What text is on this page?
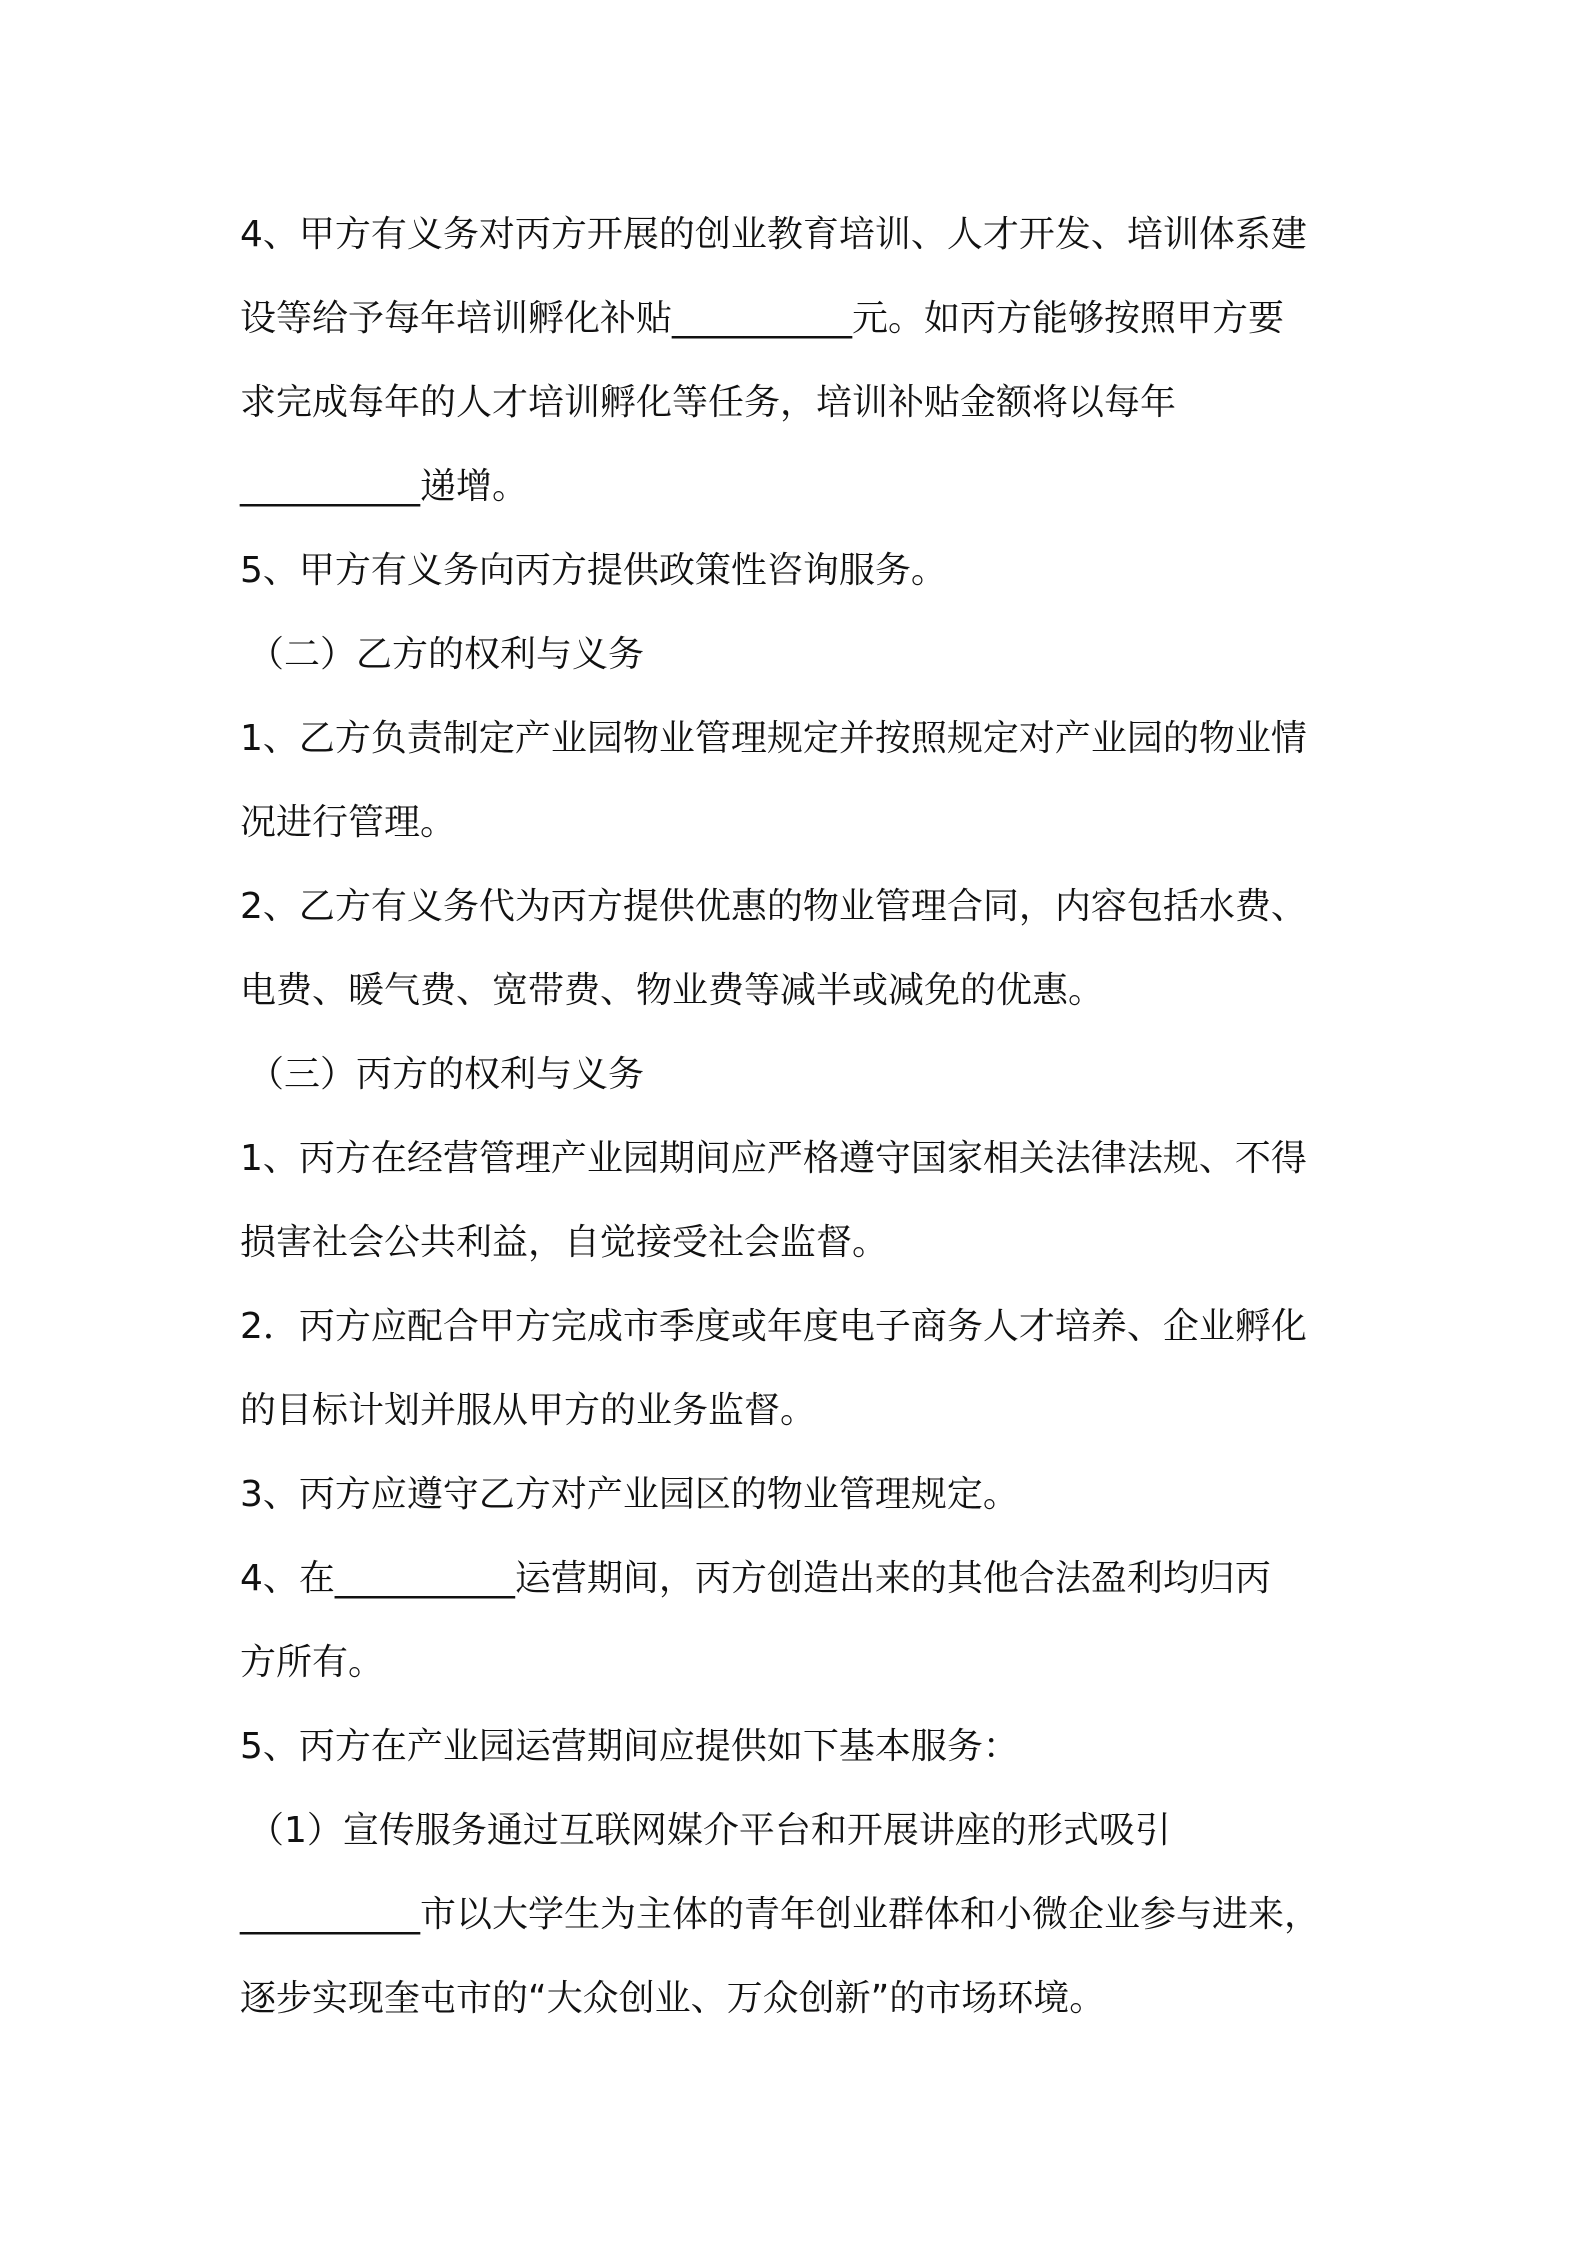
4、甲方有义务对丙方开展的创业教育培训、人才开发、培训体系建
设等给予每年培训孵化补贴__________元。如丙方能够按照甲方要
求完成每年的人才培训孵化等任务，培训补贴金额将以每年
__________递增。
5、甲方有义务向丙方提供政策性咨询服务。
（二）乙方的权利与义务
1、乙方负责制定产业园物业管理规定并按照规定对产业园的物业情
况进行管理。
2、乙方有义务代为丙方提供优惠的物业管理合同，内容包括水费、
电费、暖气费、宽带费、物业费等减半或减免的优惠。
（三）丙方的权利与义务
1、丙方在经营管理产业园期间应严格遵守国家相关法律法规、不得
损害社会公共利益，自觉接受社会监督。
2．丙方应配合甲方完成市季度或年度电子商务人才培养、企业孵化
的目标计划并服从甲方的业务监督。
3、丙方应遵守乙方对产业园区的物业管理规定。
4、在__________运营期间，丙方创造出来的其他合法盈利均归丙
方所有。
5、丙方在产业园运营期间应提供如下基本服务：
（1）宣传服务通过互联网媒介平台和开展讲座的形式吸引
__________市以大学生为主体的青年创业群体和小微企业参与进来，
逐步实现奎屯市的“大众创业、万众创新”的市场环境。
